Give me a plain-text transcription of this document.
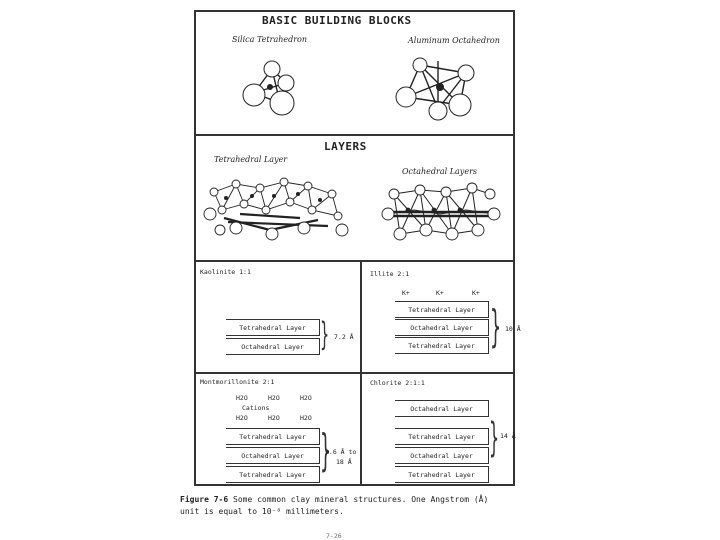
BASIC BUILDING BLOCKS
Silica Tetrahedron	Aluminum Octahedron
LAYERS
Tetrahedral Layer
Octahedral Layers
Kaolinite 1:1
Tetrahedral Layer
Octahedral Layer } 7.2 Å
Illite 2:1
K+	K+	K+
Tetrahedral Layer
Octahedral Layer
Tetrahedral Layer } 10 Å
Montmorillonite 2:1
H2O	H2O	H2O
Cations
H2O	H2O	H2O
Tetrahedral Layer
Octahedral Layer
Tetrahedral Layer }
9.6 Å to
18 Å
Chlorite 2:1:1
Octahedral Layer
Tetrahedral Layer
Octahedral Layer
Tetrahedral Layer
} 14 Å
Figure 7-6 Some common clay mineral structures. One Angstrom (Å)
unit is equal to 10⁻⁸ millimeters.
7-26
